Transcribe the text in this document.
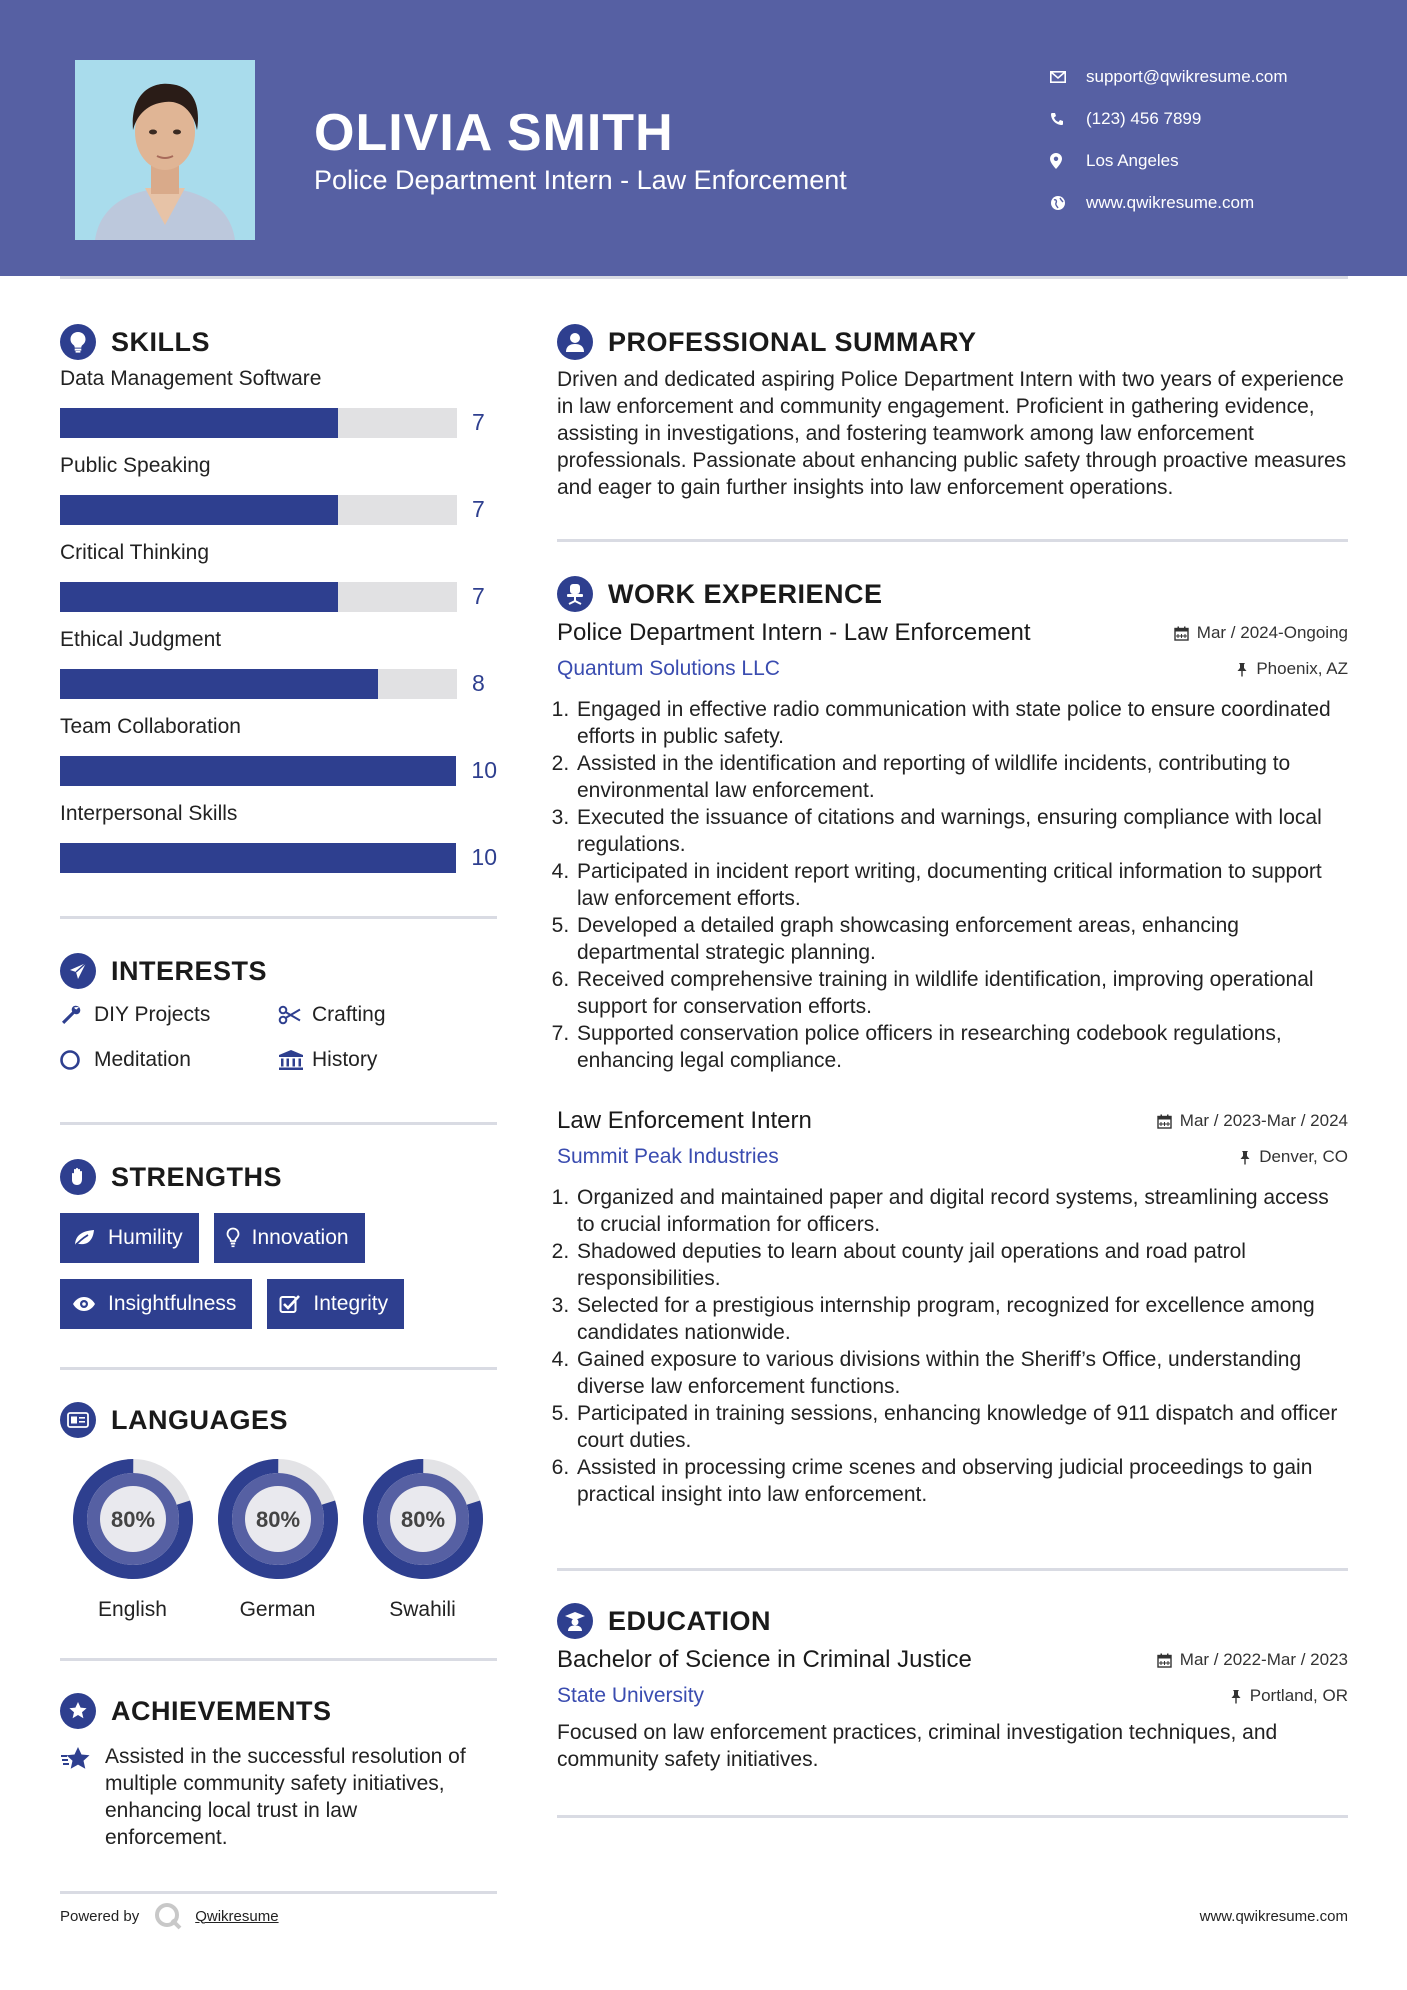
OLIVIA SMITH
Police Department Intern - Law Enforcement
support@qwikresume.com
(123) 456 7899
Los Angeles
www.qwikresume.com
SKILLS
Data Management Software
7
Public Speaking
7
Critical Thinking
7
Ethical Judgment
8
Team Collaboration
10
Interpersonal Skills
10
INTERESTS
DIY Projects	Crafting
Meditation	History
STRENGTHS
Humility	Innovation
Insightfulness	Integrity
LANGUAGES
80%
English
80%
German
80%
Swahili
ACHIEVEMENTS
Assisted in the successful resolution of multiple community safety initiatives, enhancing local trust in law enforcement.
PROFESSIONAL SUMMARY

Driven and dedicated aspiring Police Department Intern with two years of experience in law enforcement and community engagement. Proficient in gathering evidence, assisting in investigations, and fostering teamwork among law enforcement professionals. Passionate about enhancing public safety through proactive measures and eager to gain further insights into law enforcement operations.

WORK EXPERIENCE
Police Department Intern - Law Enforcement	Mar / 2024-Ongoing
Quantum Solutions LLC	Phoenix, AZ
1. Engaged in effective radio communication with state police to ensure coordinated efforts in public safety.
2. Assisted in the identification and reporting of wildlife incidents, contributing to environmental law enforcement.
3. Executed the issuance of citations and warnings, ensuring compliance with local regulations.
4. Participated in incident report writing, documenting critical information to support law enforcement efforts.
5. Developed a detailed graph showcasing enforcement areas, enhancing departmental strategic planning.
6. Received comprehensive training in wildlife identification, improving operational support for conservation efforts.
7. Supported conservation police officers in researching codebook regulations, enhancing legal compliance.
Law Enforcement Intern	Mar / 2023-Mar / 2024
Summit Peak Industries	Denver, CO
1. Organized and maintained paper and digital record systems, streamlining access to crucial information for officers.
2. Shadowed deputies to learn about county jail operations and road patrol responsibilities.
3. Selected for a prestigious internship program, recognized for excellence among candidates nationwide.
4. Gained exposure to various divisions within the Sheriff’s Office, understanding diverse law enforcement functions.
5. Participated in training sessions, enhancing knowledge of 911 dispatch and officer court duties.
6. Assisted in processing crime scenes and observing judicial proceedings to gain practical insight into law enforcement.
EDUCATION
Bachelor of Science in Criminal Justice	Mar / 2022-Mar / 2023
State University	Portland, OR

Focused on law enforcement practices, criminal investigation techniques, and community safety initiatives.

Powered by	Qwikresume	www.qwikresume.com
